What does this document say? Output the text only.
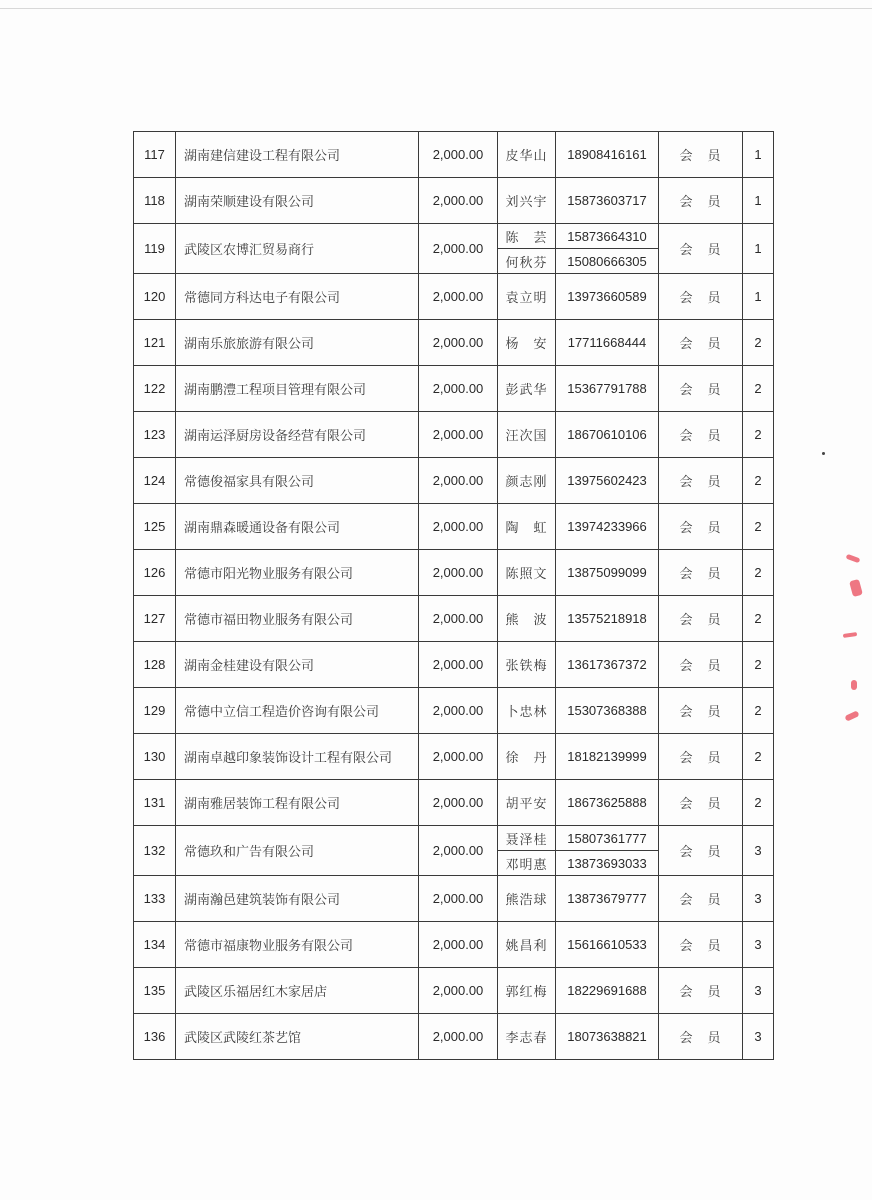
117	湖南建信建设工程有限公司	2,000.00	皮华山	18908416161	会　员	1
118	湖南荣顺建设有限公司	2,000.00	刘兴宇	15873603717	会　员	1
119	武陵区农博汇贸易商行	2,000.00	陈　芸	15873664310	会　员	1
			何秋芬	15080666305		
120	常德同方科达电子有限公司	2,000.00	袁立明	13973660589	会　员	1
121	湖南乐旅旅游有限公司	2,000.00	杨　安	17711668444	会　员	2
122	湖南鹏澧工程项目管理有限公司	2,000.00	彭武华	15367791788	会　员	2
123	湖南运泽厨房设备经营有限公司	2,000.00	汪次国	18670610106	会　员	2
124	常德俊福家具有限公司	2,000.00	颜志刚	13975602423	会　员	2
125	湖南鼎森暖通设备有限公司	2,000.00	陶　虹	13974233966	会　员	2
126	常德市阳光物业服务有限公司	2,000.00	陈照文	13875099099	会　员	2
127	常德市福田物业服务有限公司	2,000.00	熊　波	13575218918	会　员	2
128	湖南金桂建设有限公司	2,000.00	张铁梅	13617367372	会　员	2
129	常德中立信工程造价咨询有限公司	2,000.00	卜忠林	15307368388	会　员	2
130	湖南卓越印象装饰设计工程有限公司	2,000.00	徐　丹	18182139999	会　员	2
131	湖南雅居装饰工程有限公司	2,000.00	胡平安	18673625888	会　员	2
132	常德玖和广告有限公司	2,000.00	聂泽桂	15807361777	会　员	3
			邓明惠	13873693033		
133	湖南瀚邑建筑装饰有限公司	2,000.00	熊浩球	13873679777	会　员	3
134	常德市福康物业服务有限公司	2,000.00	姚昌利	15616610533	会　员	3
135	武陵区乐福居红木家居店	2,000.00	郭红梅	18229691688	会　员	3
136	武陵区武陵红茶艺馆	2,000.00	李志春	18073638821	会　员	3
